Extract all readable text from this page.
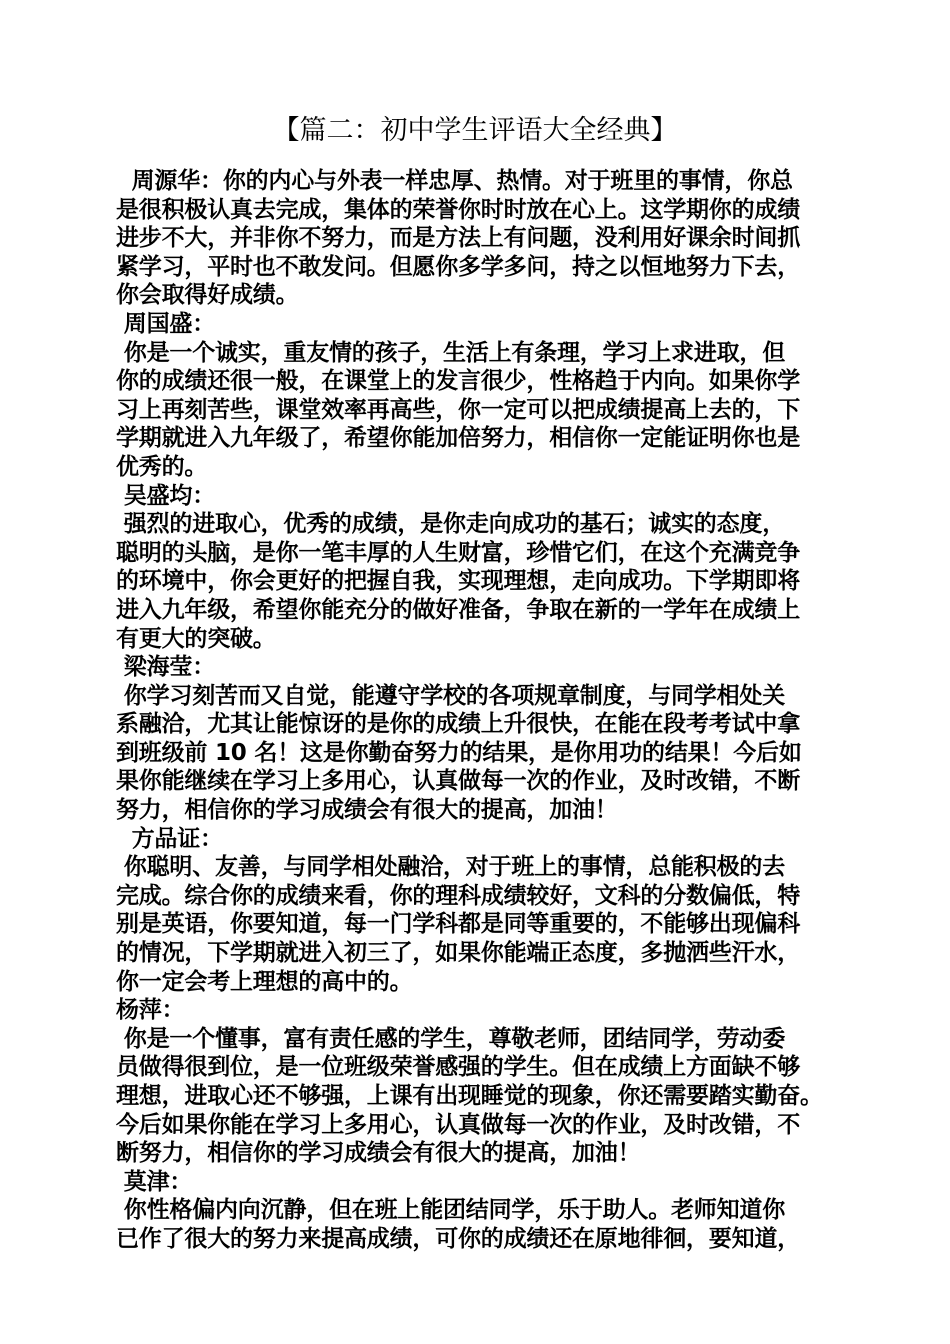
【篇二：初中学生评语大全经典】
周源华：你的内心与外表一样忠厚、热情。对于班里的事情，你总
是很积极认真去完成，集体的荣誉你时时放在心上。这学期你的成绩
进步不大，并非你不努力，而是方法上有问题，没利用好课余时间抓
紧学习，平时也不敢发问。但愿你多学多问，持之以恒地努力下去，
你会取得好成绩。
周国盛：
你是一个诚实，重友情的孩子，生活上有条理，学习上求进取，但
你的成绩还很一般，在课堂上的发言很少，性格趋于内向。如果你学
习上再刻苦些，课堂效率再高些，你一定可以把成绩提高上去的，下
学期就进入九年级了，希望你能加倍努力，相信你一定能证明你也是
优秀的。
吴盛均：
强烈的进取心，优秀的成绩，是你走向成功的基石；诚实的态度，
聪明的头脑，是你一笔丰厚的人生财富，珍惜它们，在这个充满竞争
的环境中，你会更好的把握自我，实现理想，走向成功。下学期即将
进入九年级，希望你能充分的做好准备，争取在新的一学年在成绩上
有更大的突破。
梁海莹：
你学习刻苦而又自觉，能遵守学校的各项规章制度，与同学相处关
系融洽，尤其让能惊讶的是你的成绩上升很快，在能在段考考试中拿
到班级前 10 名！这是你勤奋努力的结果，是你用功的结果！今后如
果你能继续在学习上多用心，认真做每一次的作业，及时改错，不断
努力，相信你的学习成绩会有很大的提高，加油！
方品证：
你聪明、友善，与同学相处融洽，对于班上的事情，总能积极的去
完成。综合你的成绩来看，你的理科成绩较好，文科的分数偏低，特
别是英语，你要知道，每一门学科都是同等重要的，不能够出现偏科
的情况，下学期就进入初三了，如果你能端正态度，多抛洒些汗水，
你一定会考上理想的高中的。
杨萍：
你是一个懂事，富有责任感的学生，尊敬老师，团结同学，劳动委
员做得很到位，是一位班级荣誉感强的学生。但在成绩上方面缺不够
理想，进取心还不够强，上课有出现睡觉的现象，你还需要踏实勤奋。
今后如果你能在学习上多用心，认真做每一次的作业，及时改错，不
断努力，相信你的学习成绩会有很大的提高，加油！
莫津：
你性格偏内向沉静，但在班上能团结同学，乐于助人。老师知道你
已作了很大的努力来提高成绩，可你的成绩还在原地徘徊，要知道，
